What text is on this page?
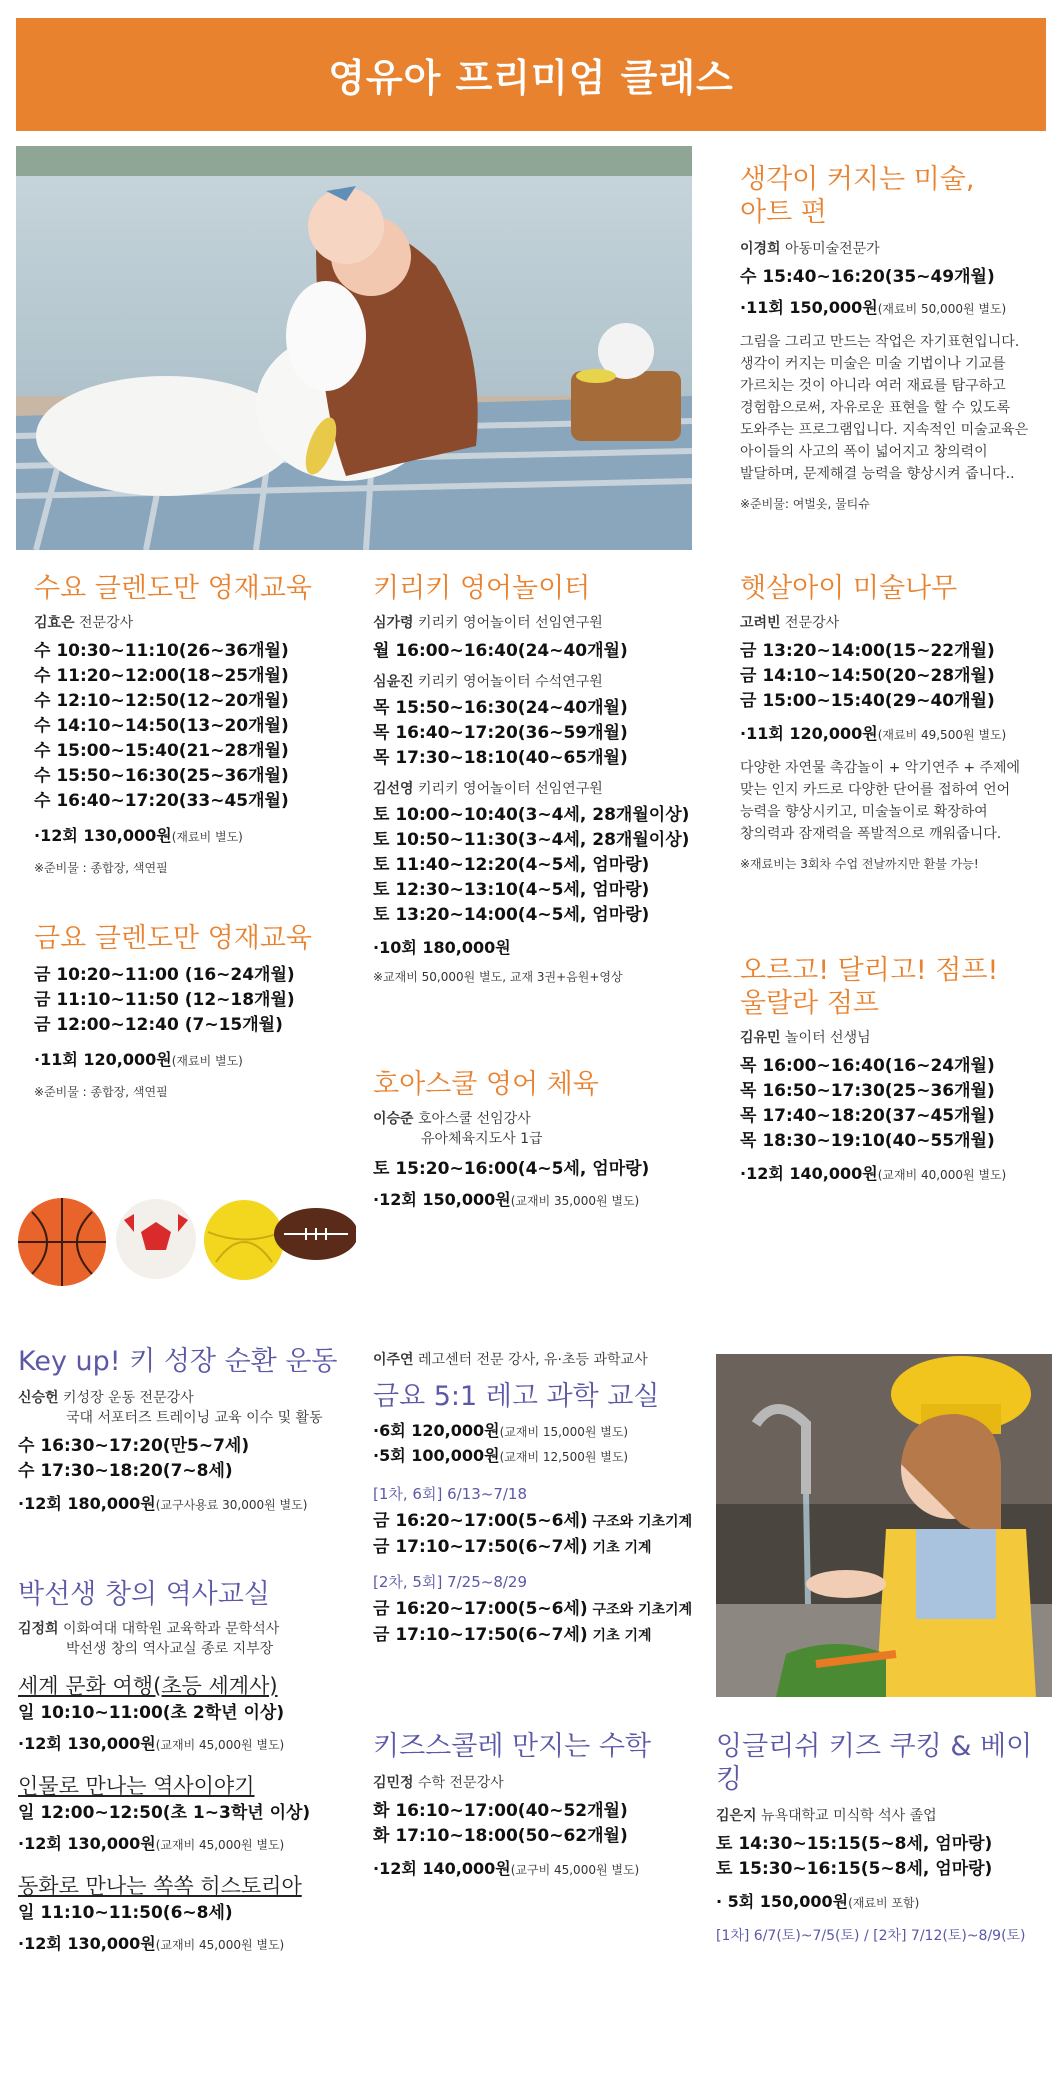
영유아 프리미엄 클래스
생각이 커지는 미술,
아트 편
이경희 아동미술전문가
수 15:40~16:20(35~49개월)
·11회 150,000원(재료비 50,000원 별도)
그림을 그리고 만드는 작업은 자기표현입니다.
생각이 커지는 미술은 미술 기법이나 기교를
가르치는 것이 아니라 여러 재료를 탐구하고
경험함으로써, 자유로운 표현을 할 수 있도록
도와주는 프로그램입니다. 지속적인 미술교육은
아이들의 사고의 폭이 넓어지고 창의력이
발달하며, 문제해결 능력을 향상시켜 줍니다..
※준비물: 여벌옷, 물티슈
수요 글렌도만 영재교육
김효은 전문강사
수 10:30~11:10(26~36개월)
수 11:20~12:00(18~25개월)
수 12:10~12:50(12~20개월)
수 14:10~14:50(13~20개월)
수 15:00~15:40(21~28개월)
수 15:50~16:30(25~36개월)
수 16:40~17:20(33~45개월)
·12회 130,000원(재료비 별도)
※준비물 : 종합장, 색연필
금요 글렌도만 영재교육
금 10:20~11:00 (16~24개월)
금 11:10~11:50 (12~18개월)
금 12:00~12:40 (7~15개월)
·11회 120,000원(재료비 별도)
※준비물 : 종합장, 색연필
키리키 영어놀이터
심가령 키리키 영어놀이터 선임연구원
월 16:00~16:40(24~40개월)
심윤진 키리키 영어놀이터 수석연구원
목 15:50~16:30(24~40개월)
목 16:40~17:20(36~59개월)
목 17:30~18:10(40~65개월)
김선영 키리키 영어놀이터 선임연구원
토 10:00~10:40(3~4세, 28개월이상)
토 10:50~11:30(3~4세, 28개월이상)
토 11:40~12:20(4~5세, 엄마랑)
토 12:30~13:10(4~5세, 엄마랑)
토 13:20~14:00(4~5세, 엄마랑)
·10회 180,000원
※교재비 50,000원 별도, 교재 3권+음원+영상
호아스쿨 영어 체육
이승준 호아스쿨 선임강사
유아체육지도사 1급
토 15:20~16:00(4~5세, 엄마랑)
·12회 150,000원(교재비 35,000원 별도)
햇살아이 미술나무
고려빈 전문강사
금 13:20~14:00(15~22개월)
금 14:10~14:50(20~28개월)
금 15:00~15:40(29~40개월)
·11회 120,000원(재료비 49,500원 별도)
다양한 자연물 촉감놀이 + 악기연주 + 주제에
맞는 인지 카드로 다양한 단어를 접하여 언어
능력을 향상시키고, 미술놀이로 확장하여
창의력과 잠재력을 폭발적으로 깨워줍니다.
※재료비는 3회차 수업 전날까지만 환불 가능!
오르고! 달리고! 점프!
울랄라 점프
김유민 놀이터 선생님
목 16:00~16:40(16~24개월)
목 16:50~17:30(25~36개월)
목 17:40~18:20(37~45개월)
목 18:30~19:10(40~55개월)
·12회 140,000원(교재비 40,000원 별도)
Key up! 키 성장 순환 운동
신승헌 키성장 운동 전문강사
국대 서포터즈 트레이닝 교육 이수 및 활동
수 16:30~17:20(만5~7세)
수 17:30~18:20(7~8세)
·12회 180,000원(교구사용료 30,000원 별도)
박선생 창의 역사교실
김정희 이화여대 대학원 교육학과 문학석사
박선생 창의 역사교실 종로 지부장
세계 문화 여행(초등 세계사)
일 10:10~11:00(초 2학년 이상)
·12회 130,000원(교재비 45,000원 별도)
인물로 만나는 역사이야기
일 12:00~12:50(초 1~3학년 이상)
·12회 130,000원(교재비 45,000원 별도)
동화로 만나는 쏙쏙 히스토리아
일 11:10~11:50(6~8세)
·12회 130,000원(교재비 45,000원 별도)
이주연 레고센터 전문 강사, 유·초등 과학교사
금요 5:1 레고 과학 교실
·6회 120,000원(교재비 15,000원 별도)
·5회 100,000원(교재비 12,500원 별도)
[1차, 6회] 6/13~7/18
금 16:20~17:00(5~6세) 구조와 기초기계
금 17:10~17:50(6~7세) 기초 기계
[2차, 5회] 7/25~8/29
금 16:20~17:00(5~6세) 구조와 기초기계
금 17:10~17:50(6~7세) 기초 기계
키즈스콜레 만지는 수학
김민정 수학 전문강사
화 16:10~17:00(40~52개월)
화 17:10~18:00(50~62개월)
·12회 140,000원(교구비 45,000원 별도)
잉글리쉬 키즈 쿠킹 & 베이킹
김은지 뉴욕대학교 미식학 석사 졸업
토 14:30~15:15(5~8세, 엄마랑)
토 15:30~16:15(5~8세, 엄마랑)
· 5회 150,000원(재료비 포함)
[1차] 6/7(토)~7/5(토) / [2차] 7/12(토)~8/9(토)
